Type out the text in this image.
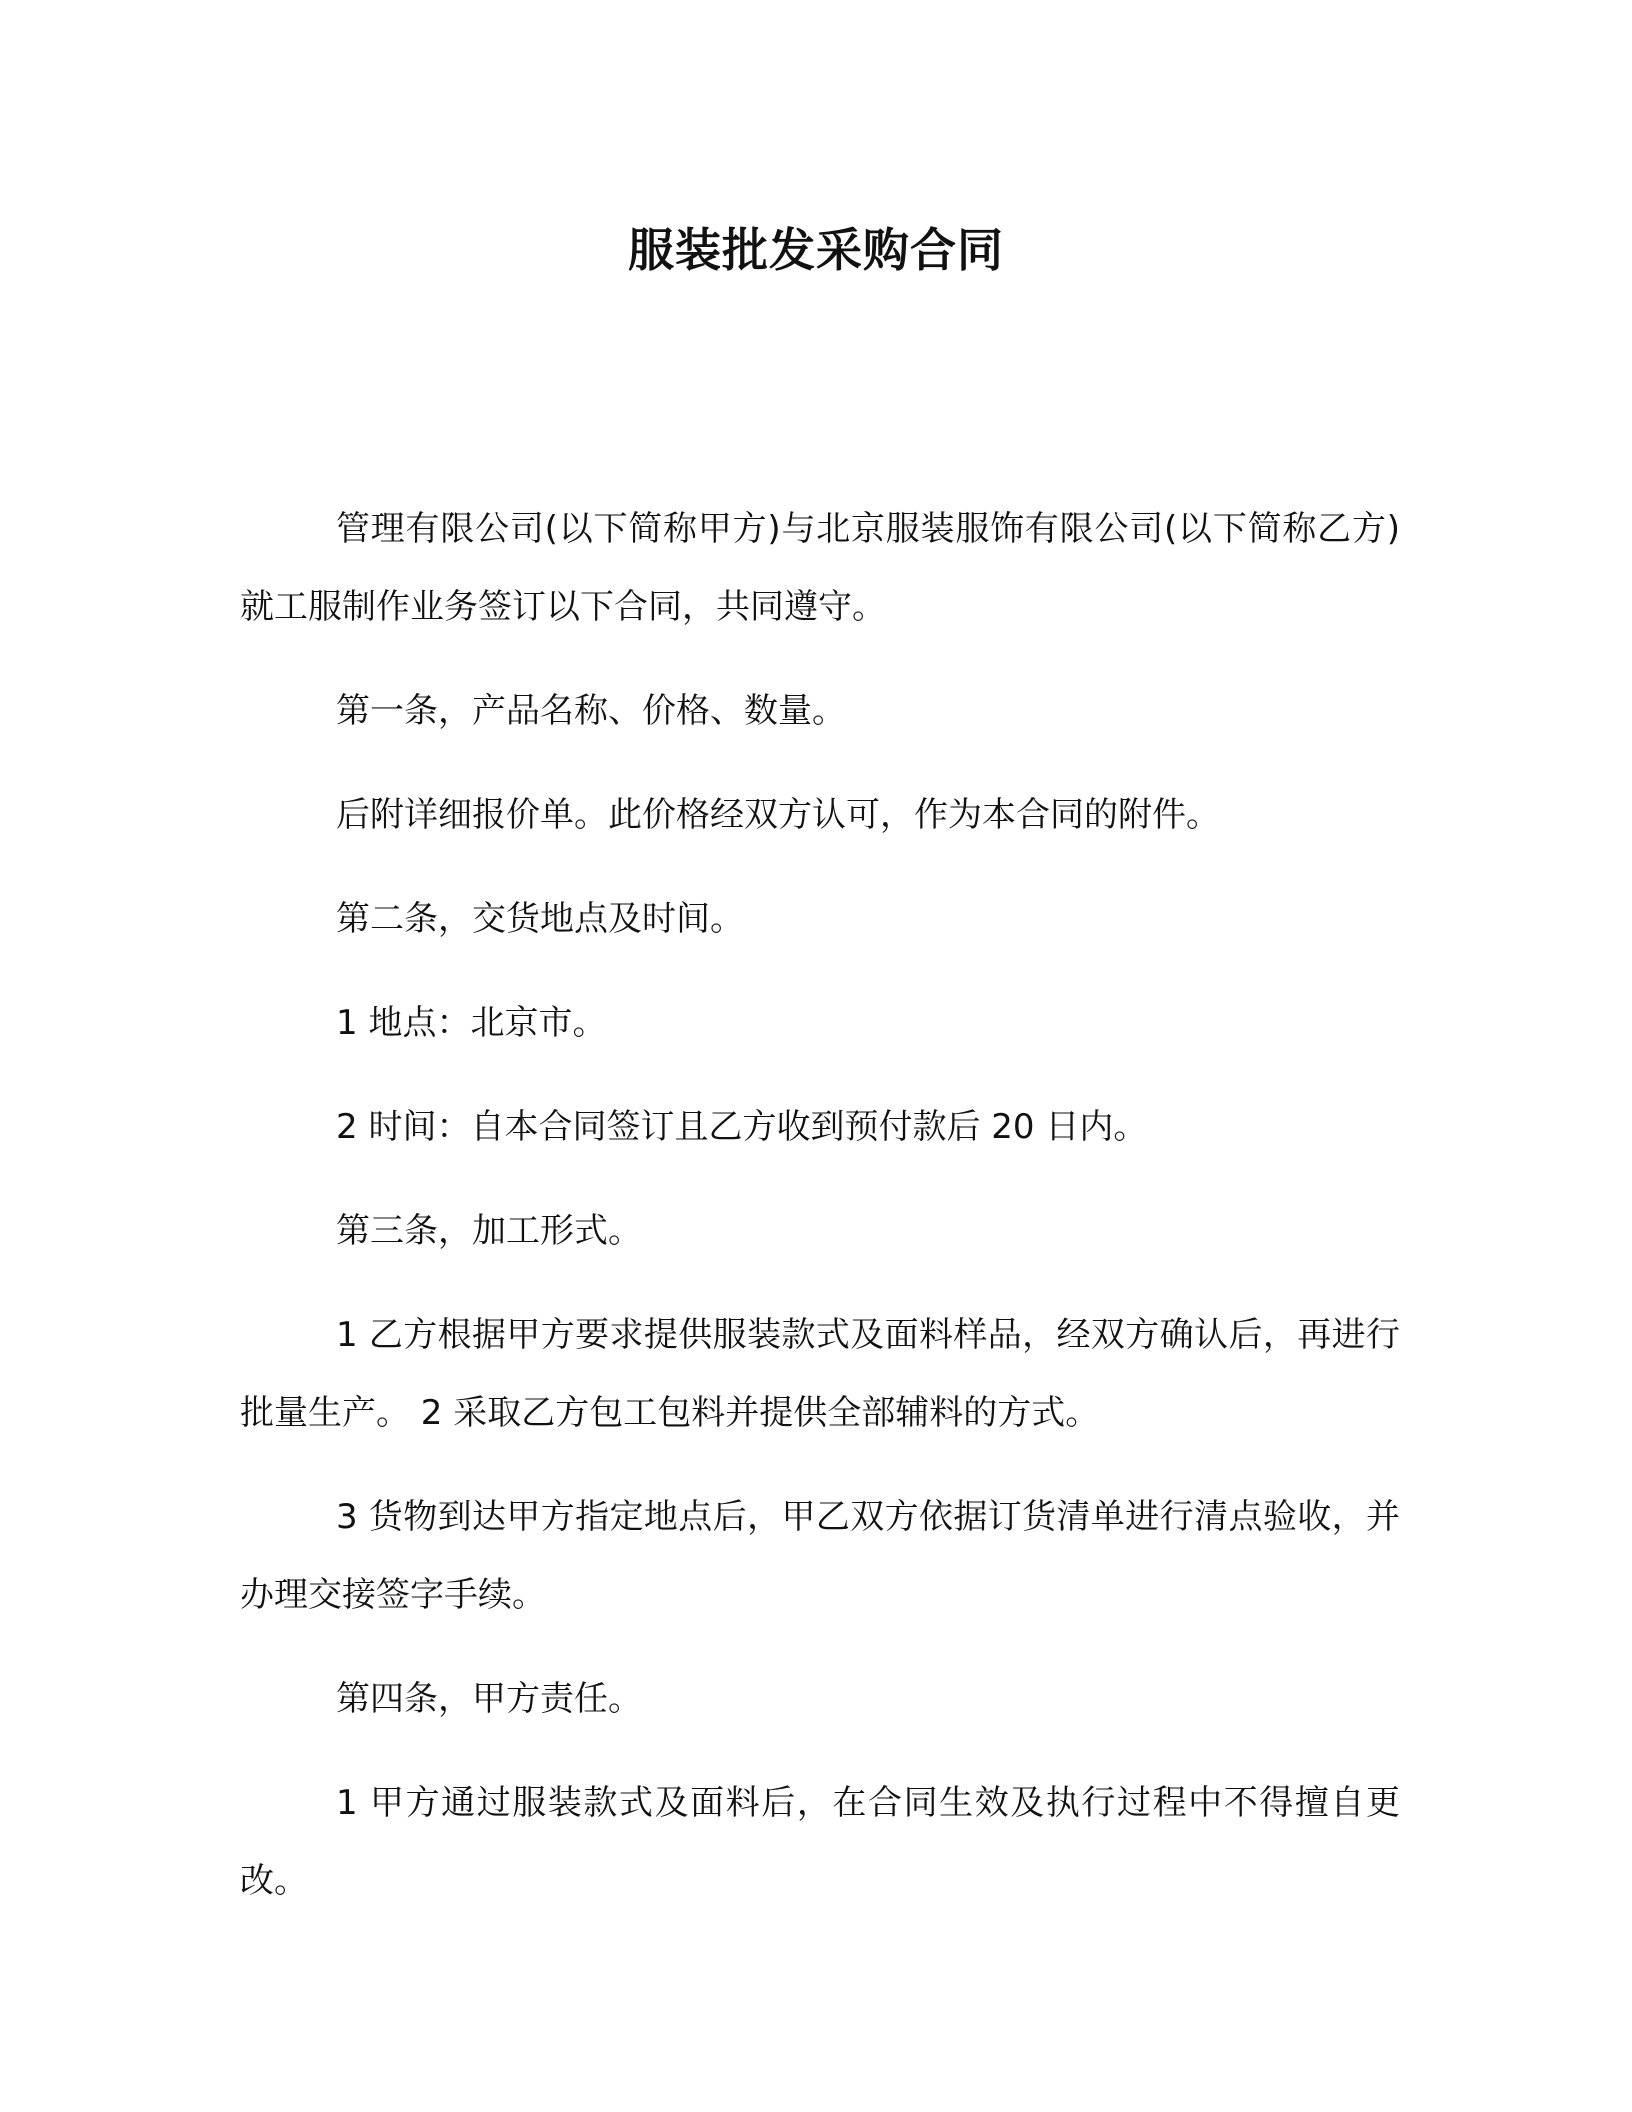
服装批发采购合同

管理有限公司(以下简称甲方)与北京服装服饰有限公司(以下简称乙方)就工服制作业务签订以下合同，共同遵守。

第一条，产品名称、价格、数量。

后附详细报价单。此价格经双方认可，作为本合同的附件。

第二条，交货地点及时间。

1 地点：北京市。

2 时间：自本合同签订且乙方收到预付款后 20 日内。

第三条，加工形式。

1 乙方根据甲方要求提供服装款式及面料样品，经双方确认后，再进行批量生产。 2 采取乙方包工包料并提供全部辅料的方式。

3 货物到达甲方指定地点后，甲乙双方依据订货清单进行清点验收，并办理交接签字手续。

第四条，甲方责任。

1 甲方通过服装款式及面料后，在合同生效及执行过程中不得擅自更改。
